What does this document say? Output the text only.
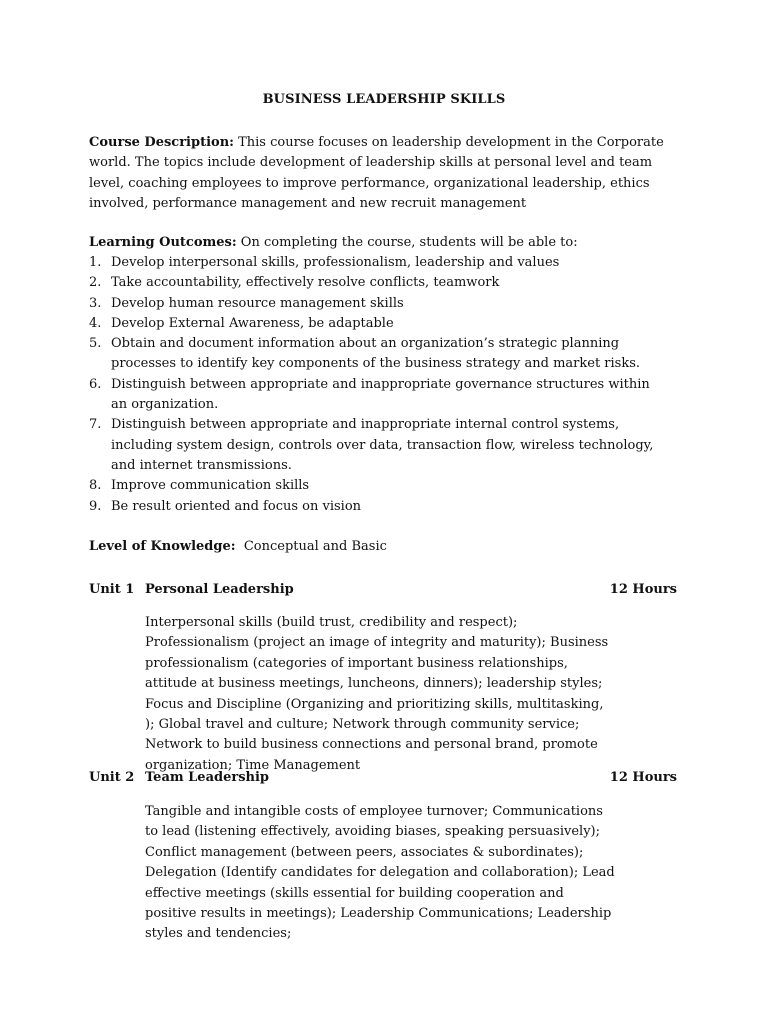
BUSINESS LEADERSHIP SKILLS
Course Description: This course focuses on leadership development in the Corporate world. The topics include development of leadership skills at personal level and team level, coaching employees to improve performance, organizational leadership, ethics involved, performance management and new recruit management
Learning Outcomes: On completing the course, students will be able to:
1. Develop interpersonal skills, professionalism, leadership and values
2. Take accountability, effectively resolve conflicts, teamwork
3. Develop human resource management skills
4. Develop External Awareness, be adaptable
5. Obtain and document information about an organization’s strategic planning processes to identify key components of the business strategy and market risks.
6. Distinguish between appropriate and inappropriate governance structures within an organization.
7. Distinguish between appropriate and inappropriate internal control systems, including system design, controls over data, transaction flow, wireless technology, and internet transmissions.
8. Improve communication skills
9. Be result oriented and focus on vision
Level of Knowledge: Conceptual and Basic
Unit 1 Personal Leadership	12 Hours
Interpersonal skills (build trust, credibility and respect); Professionalism (project an image of integrity and maturity); Business professionalism (categories of important business relationships, attitude at business meetings, luncheons, dinners); leadership styles; Focus and Discipline (Organizing and prioritizing skills, multitasking, ); Global travel and culture; Network through community service; Network to build business connections and personal brand, promote organization; Time Management
Unit 2 Team Leadership	12 Hours
Tangible and intangible costs of employee turnover; Communications to lead (listening effectively, avoiding biases, speaking persuasively); Conflict management (between peers, associates & subordinates); Delegation (Identify candidates for delegation and collaboration); Lead effective meetings (skills essential for building cooperation and positive results in meetings); Leadership Communications; Leadership styles and tendencies;
